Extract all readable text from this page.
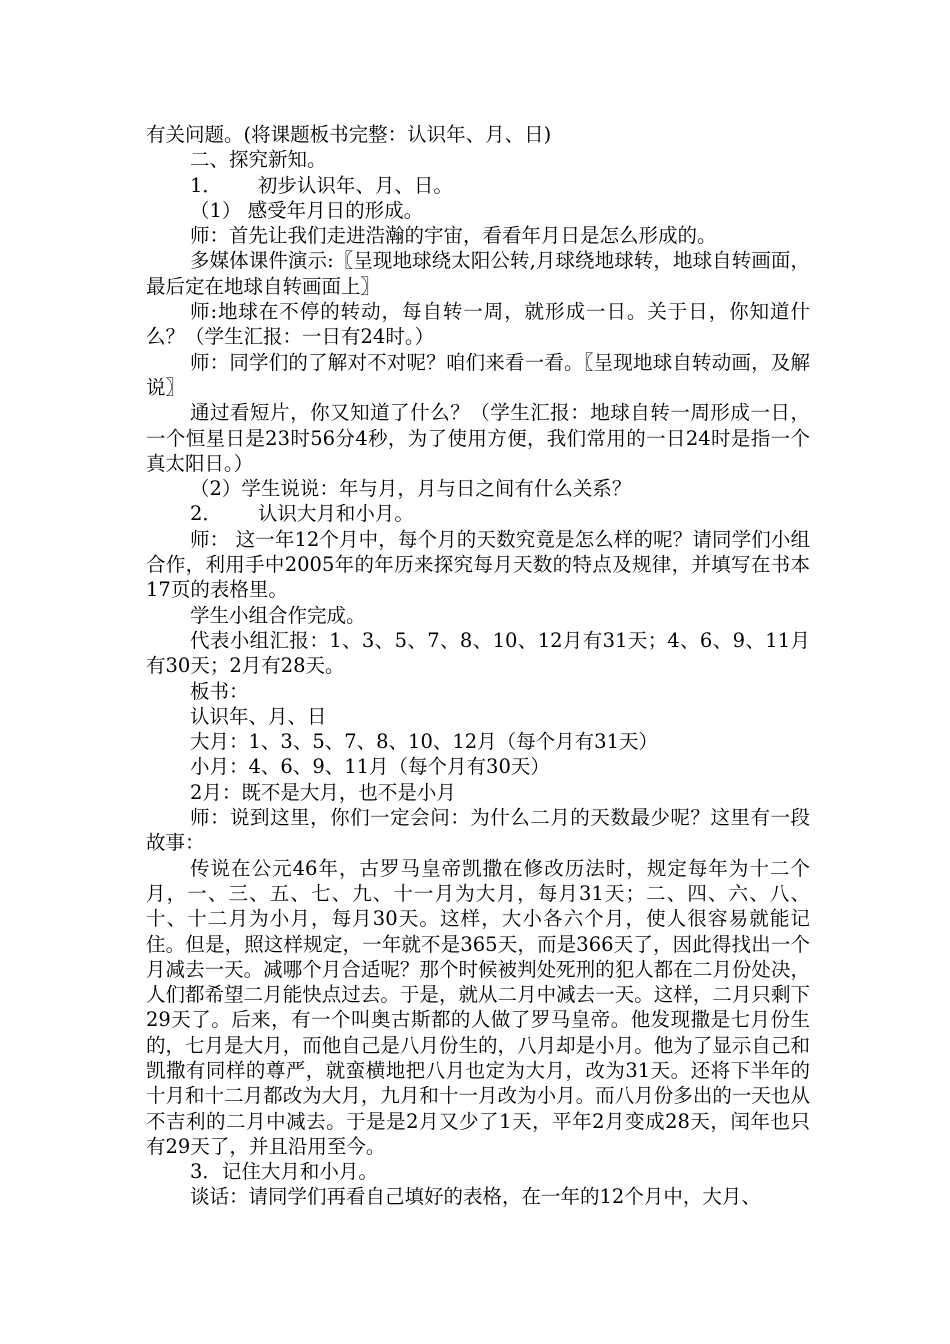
有关问题。(将课题板书完整：认识年、月、日)

二、探究新知。

1． 初步认识年、月、日。

（1） 感受年月日的形成。

师：首先让我们走进浩瀚的宇宙，看看年月日是怎么形成的。

多媒体课件演示:〖呈现地球绕太阳公转,月球绕地球转，地球自转画面，最后定在地球自转画面上〗

师:地球在不停的转动，每自转一周，就形成一日。关于日，你知道什么？（学生汇报：一日有24时。）

师：同学们的了解对不对呢？咱们来看一看。〖呈现地球自转动画，及解说〗

通过看短片，你又知道了什么？（学生汇报：地球自转一周形成一日，一个恒星日是23时56分4秒，为了使用方便，我们常用的一日24时是指一个真太阳日。）

（2）学生说说：年与月，月与日之间有什么关系？

2． 认识大月和小月。

师： 这一年12个月中，每个月的天数究竟是怎么样的呢？请同学们小组合作，利用手中2005年的年历来探究每月天数的特点及规律，并填写在书本17页的表格里。

学生小组合作完成。

代表小组汇报：1、3、5、7、8、10、12月有31天；4、6、9、11月有30天；2月有28天。

板书：

认识年、月、日

大月：1、3、5、7、8、10、12月（每个月有31天）

小月：4、6、9、11月（每个月有30天）

2月：既不是大月，也不是小月

师：说到这里，你们一定会问：为什么二月的天数最少呢？这里有一段故事：

传说在公元46年，古罗马皇帝凯撒在修改历法时，规定每年为十二个月，一、三、五、七、九、十一月为大月，每月31天；二、四、六、八、十、十二月为小月，每月30天。这样，大小各六个月，使人很容易就能记住。但是，照这样规定，一年就不是365天，而是366天了，因此得找出一个月减去一天。减哪个月合适呢？那个时候被判处死刑的犯人都在二月份处决，人们都希望二月能快点过去。于是，就从二月中减去一天。这样，二月只剩下29天了。后来，有一个叫奥古斯都的人做了罗马皇帝。他发现撒是七月份生的，七月是大月，而他自己是八月份生的，八月却是小月。他为了显示自己和凯撒有同样的尊严，就蛮横地把八月也定为大月，改为31天。还将下半年的十月和十二月都改为大月，九月和十一月改为小月。而八月份多出的一天也从不吉利的二月中减去。于是是2月又少了1天，平年2月变成28天，闰年也只有29天了，并且沿用至今。

3．记住大月和小月。

谈话：请同学们再看自己填好的表格，在一年的12个月中，大月、
